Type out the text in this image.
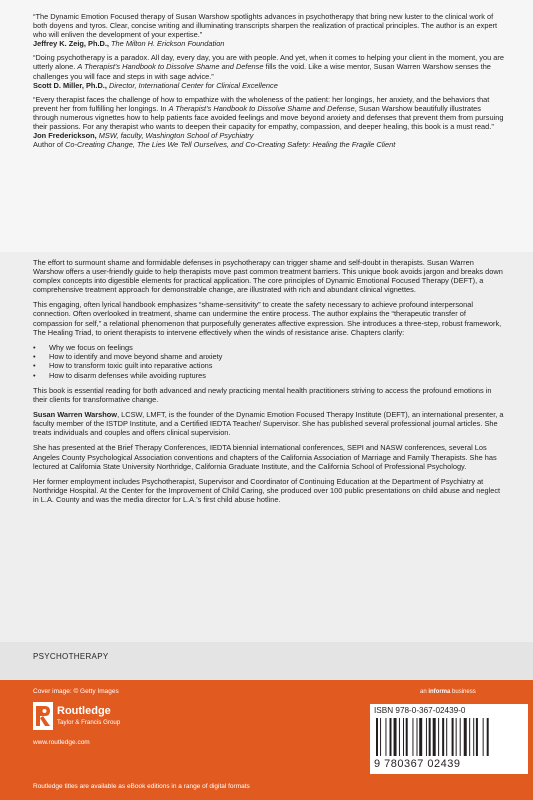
“The Dynamic Emotion Focused therapy of Susan Warshow spotlights advances in psychotherapy that bring new luster to the clinical work of both doyens and tyros. Clear, concise writing and illuminating transcripts sharpen the realization of practical principles. The author is an expert who will enliven the development of your expertise.”

Jeffrey K. Zeig, Ph.D., The Milton H. Erickson Foundation

“Doing psychotherapy is a paradox. All day, every day, you are with people. And yet, when it comes to helping your client in the moment, you are utterly alone. A Therapist’s Handbook to Dissolve Shame and Defense fills the void. Like a wise mentor, Susan Warren Warshow senses the challenges you will face and steps in with sage advice.”

Scott D. Miller, Ph.D., Director, International Center for Clinical Excellence

“Every therapist faces the challenge of how to empathize with the wholeness of the patient: her longings, her anxiety, and the behaviors that prevent her from fulfilling her longings. In A Therapist’s Handbook to Dissolve Shame and Defense, Susan Warshow beautifully illustrates through numerous vignettes how to help patients face avoided feelings and move beyond anxiety and defenses that prevent them from pursuing their passions. For any therapist who wants to deepen their capacity for empathy, compassion, and deeper healing, this book is a must read.”

Jon Frederickson, MSW, faculty, Washington School of Psychiatry

Author of Co-Creating Change, The Lies We Tell Ourselves, and Co-Creating Safety: Healing the Fragile Client

The effort to surmount shame and formidable defenses in psychotherapy can trigger shame and self-doubt in therapists. Susan Warren Warshow offers a user-friendly guide to help therapists move past common treatment barriers. This unique book avoids jargon and breaks down complex concepts into digestible elements for practical application. The core principles of Dynamic Emotional Focused Therapy (DEFT), a comprehensive treatment approach for demonstrable change, are illustrated with rich and abundant clinical vignettes.

This engaging, often lyrical handbook emphasizes “shame-sensitivity” to create the safety necessary to achieve profound interpersonal connection. Often overlooked in treatment, shame can undermine the entire process. The author explains the “therapeutic transfer of compassion for self,” a relational phenomenon that purposefully generates affective expression. She introduces a three-step, robust framework, The Healing Triad, to orient therapists to intervene effectively when the winds of resistance arise. Chapters clarify:

• Why we focus on feelings
• How to identify and move beyond shame and anxiety
• How to transform toxic guilt into reparative actions
• How to disarm defenses while avoiding ruptures

This book is essential reading for both advanced and newly practicing mental health practitioners striving to access the profound emotions in their clients for transformative change.

Susan Warren Warshow, LCSW, LMFT, is the founder of the Dynamic Emotion Focused Therapy Institute (DEFT), an international presenter, a faculty member of the ISTDP Institute, and a Certified IEDTA Teacher/ Supervisor. She has published several professional journal articles. She treats individuals and couples and offers clinical supervision.

She has presented at the Brief Therapy Conferences, IEDTA biennial international conferences, SEPI and NASW conferences, several Los Angeles County Psychological Association conventions and chapters of the California Association of Marriage and Family Therapists. She has lectured at California State University Northridge, California Graduate Institute, and the California School of Professional Psychology.

Her former employment includes Psychotherapist, Supervisor and Coordinator of Continuing Education at the Department of Psychiatry at Northridge Hospital. At the Center for the Improvement of Child Caring, she produced over 100 public presentations on child abuse and neglect in L.A. County and was the media director for L.A.’s first child abuse hotline.

PSYCHOTHERAPY
Cover image: © Getty Images
Routledge
Taylor & Francis Group
www.routledge.com
Routledge titles are available as eBook editions in a range of digital formats
an informa business
ISBN 978-0-367-02439-0
9 780367 02439
